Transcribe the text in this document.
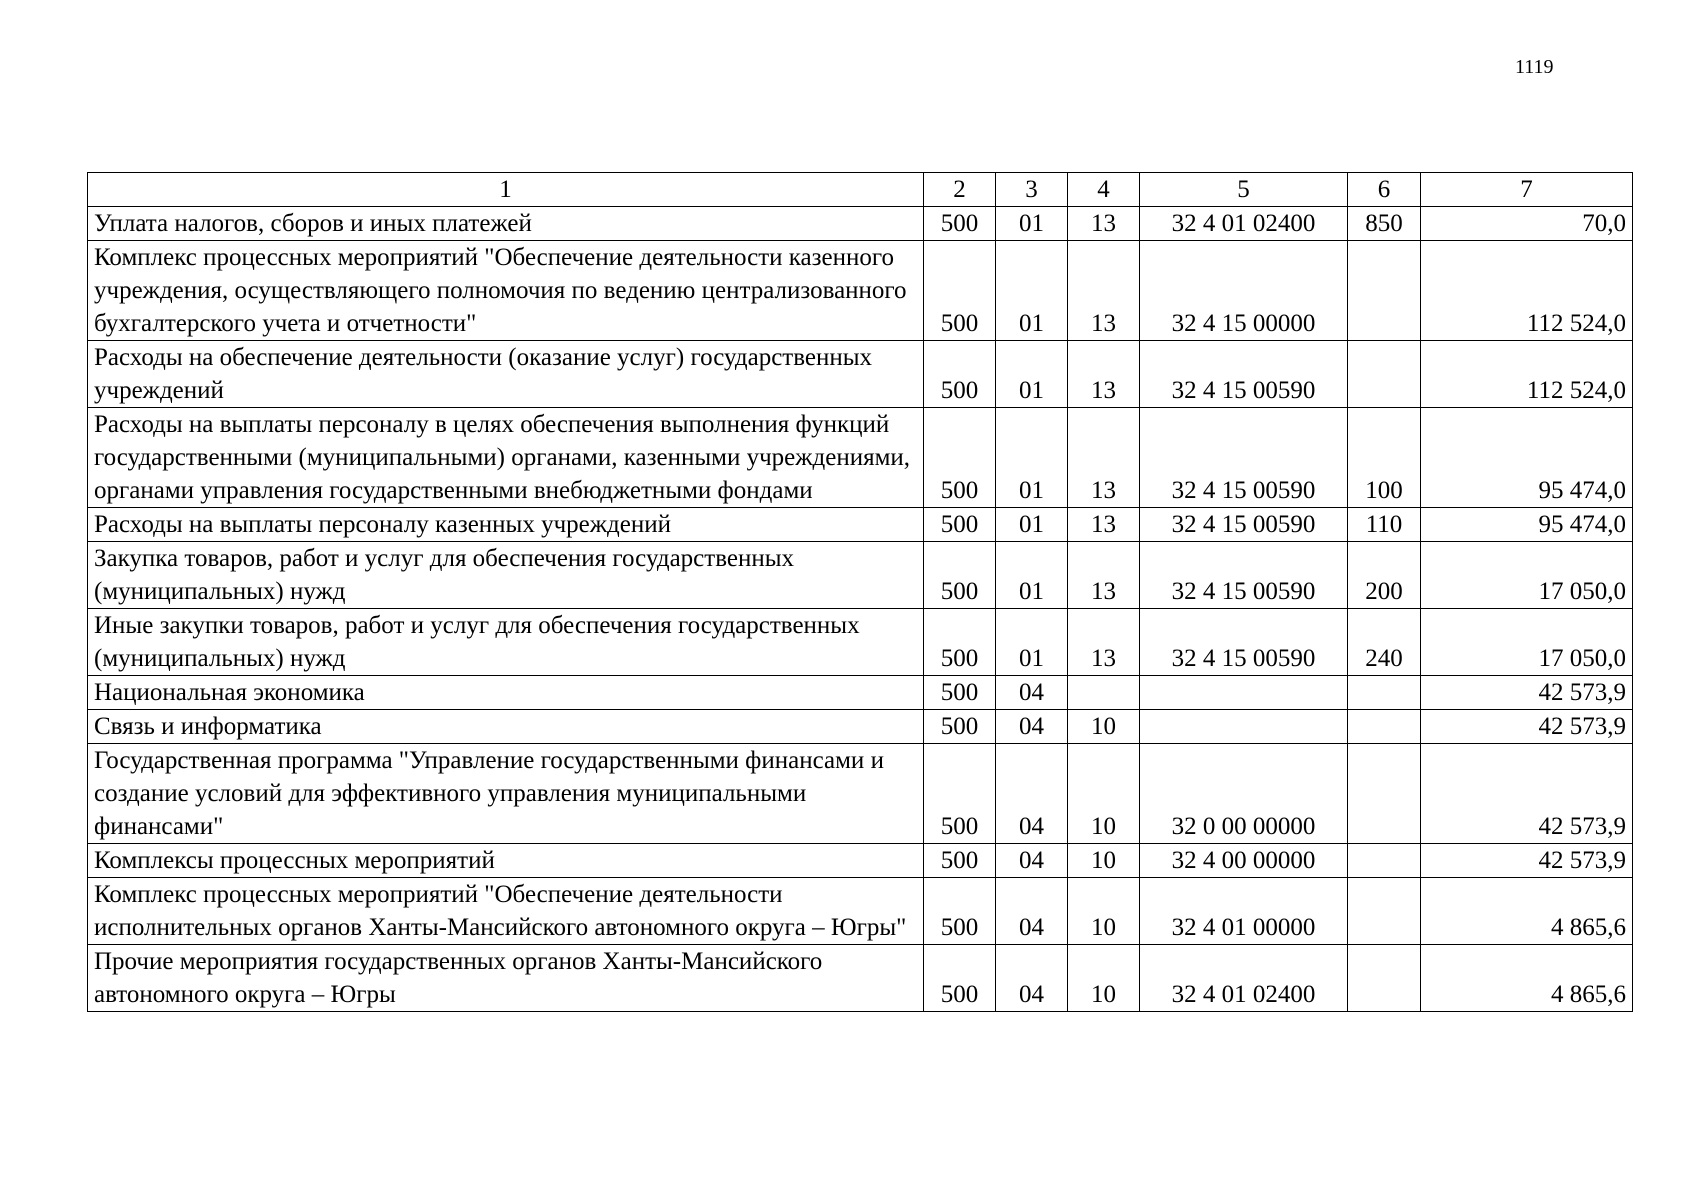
1119
1	2	3	4	5	6	7
Уплата налогов, сборов и иных платежей	500	01	13	32 4 01 02400	850	70,0
Комплекс процессных мероприятий "Обеспечение деятельности казенного учреждения, осуществляющего полномочия по ведению централизованного бухгалтерского учета и отчетности"	500	01	13	32 4 15 00000		112 524,0
Расходы на обеспечение деятельности (оказание услуг) государственных учреждений	500	01	13	32 4 15 00590		112 524,0
Расходы на выплаты персоналу в целях обеспечения выполнения функций государственными (муниципальными) органами, казенными учреждениями, органами управления государственными внебюджетными фондами	500	01	13	32 4 15 00590	100	95 474,0
Расходы на выплаты персоналу казенных учреждений	500	01	13	32 4 15 00590	110	95 474,0
Закупка товаров, работ и услуг для обеспечения государственных (муниципальных) нужд	500	01	13	32 4 15 00590	200	17 050,0
Иные закупки товаров, работ и услуг для обеспечения государственных (муниципальных) нужд	500	01	13	32 4 15 00590	240	17 050,0
Национальная экономика	500	04				42 573,9
Связь и информатика	500	04	10			42 573,9
Государственная программа "Управление государственными финансами и создание условий для эффективного управления муниципальными финансами"	500	04	10	32 0 00 00000		42 573,9
Комплексы процессных мероприятий	500	04	10	32 4 00 00000		42 573,9
Комплекс процессных мероприятий "Обеспечение деятельности исполнительных органов Ханты-Мансийского автономного округа – Югры"	500	04	10	32 4 01 00000		4 865,6
Прочие мероприятия государственных органов Ханты-Мансийского автономного округа – Югры	500	04	10	32 4 01 02400		4 865,6
